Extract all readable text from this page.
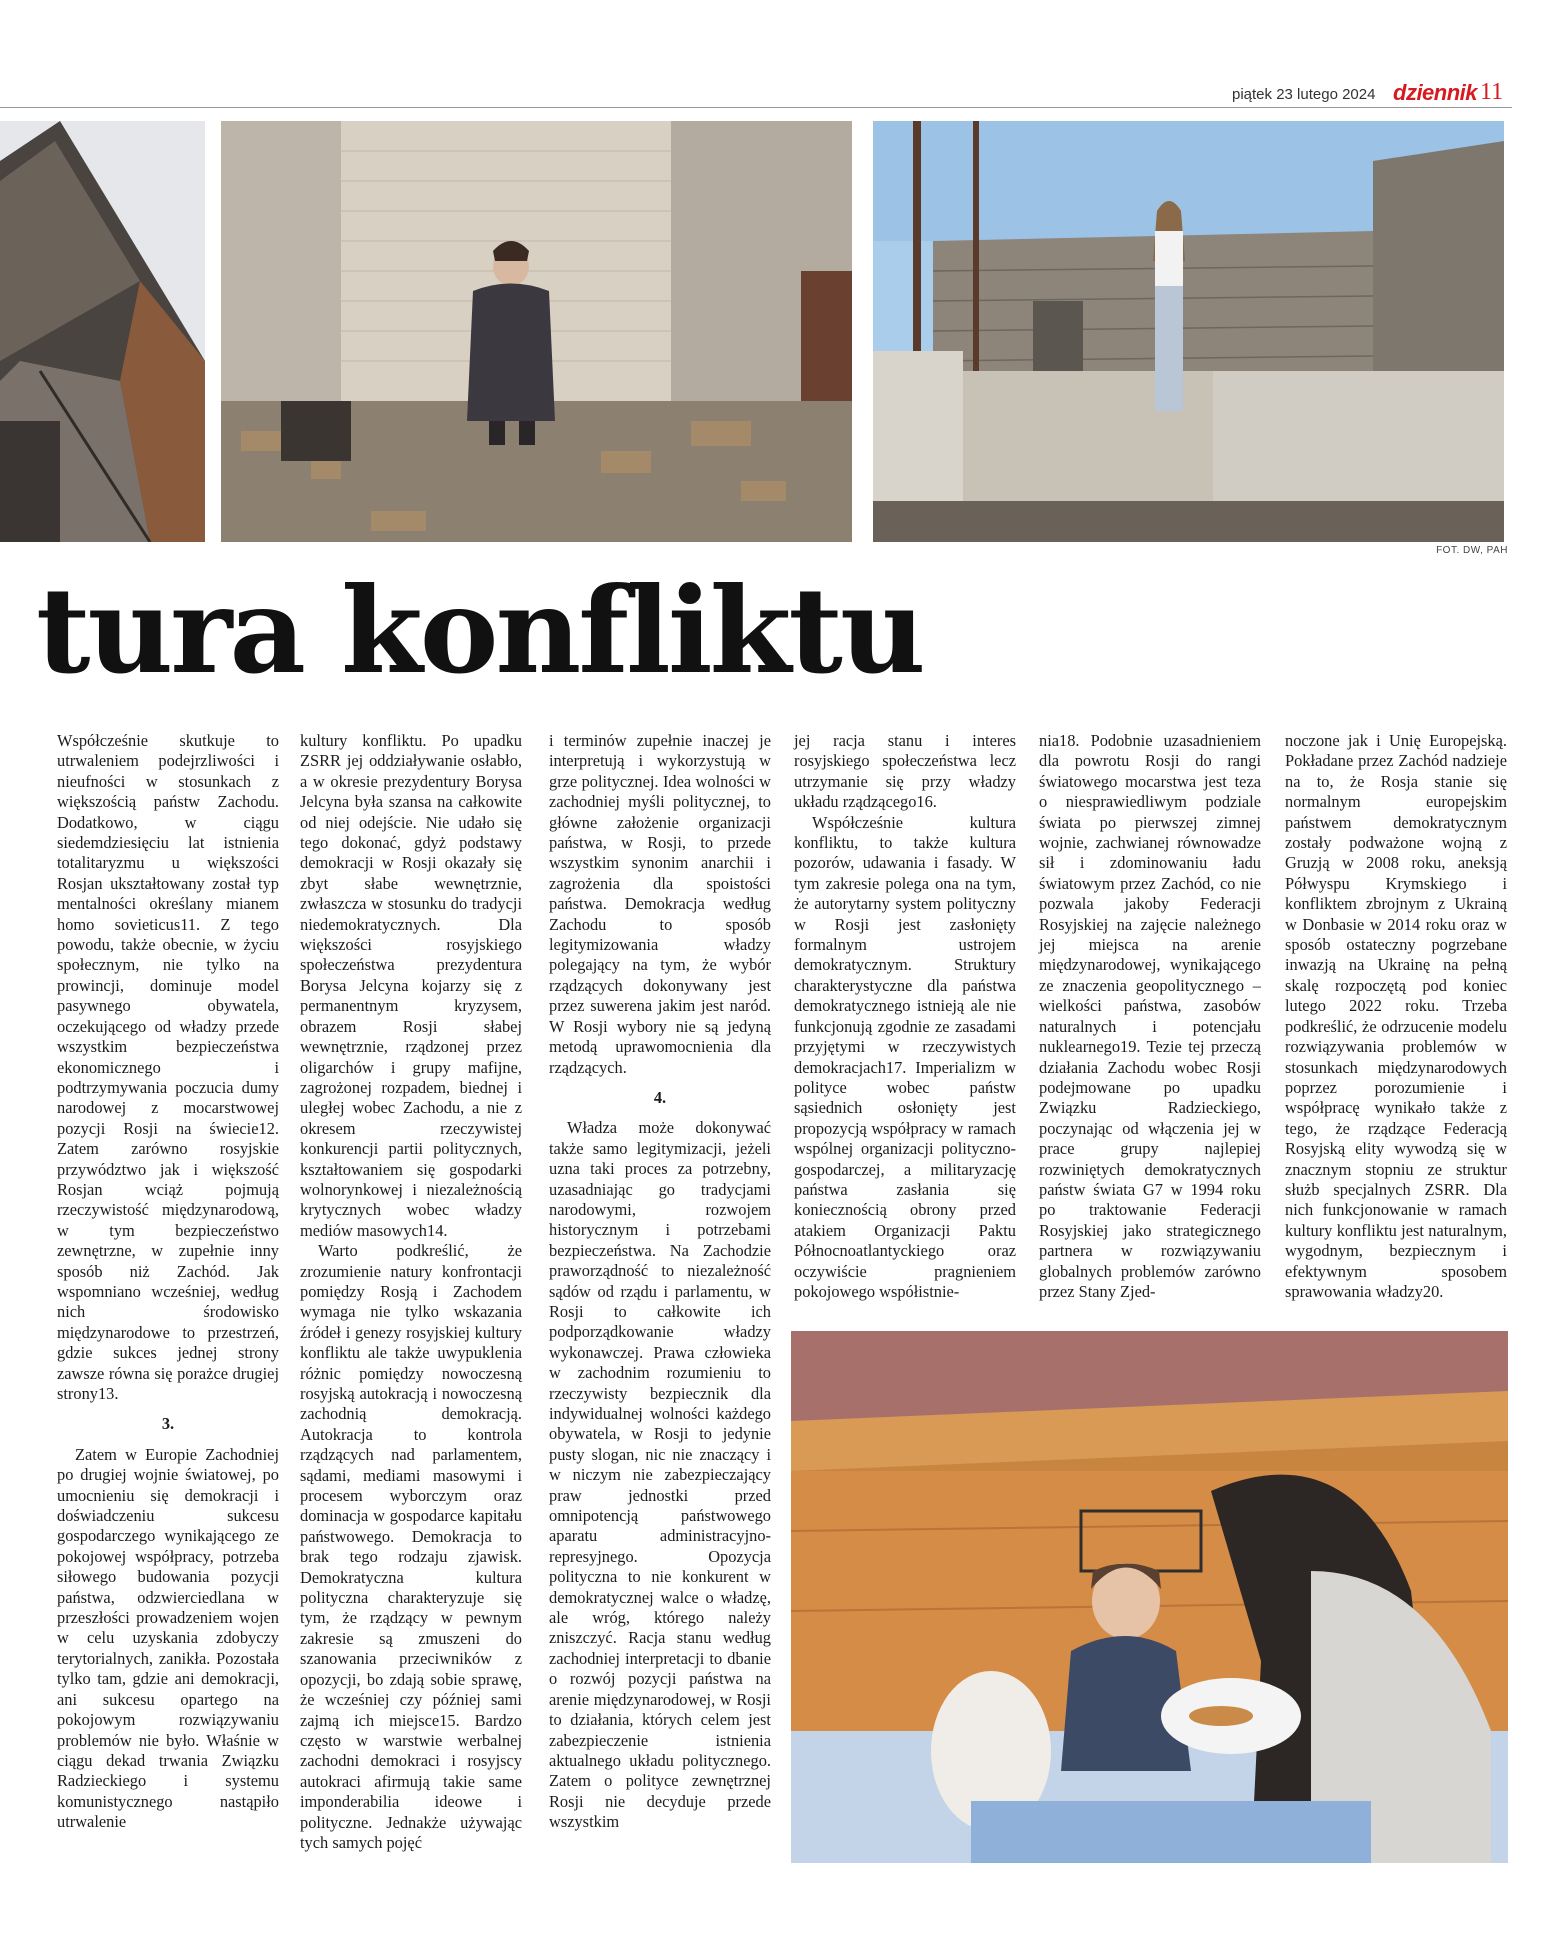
piątek 23 lutego 2024 dziennik 11
FOT. DW, PAH
tura konfliktu

Współcześnie skutkuje to utrwaleniem podejrzliwości i nieufności w stosunkach z większością państw Zachodu. Dodatkowo, w ciągu siedemdziesięciu lat istnienia totalitaryzmu u większości Rosjan ukształtowany został typ mentalności określany mianem homo sovieticus11. Z tego powodu, także obecnie, w życiu społecznym, nie tylko na prowincji, dominuje model pasywnego obywatela, oczekującego od władzy przede wszystkim bezpieczeństwa ekonomicznego i podtrzymywania poczucia dumy narodowej z mocarstwowej pozycji Rosji na świecie12. Zatem zarówno rosyjskie przywództwo jak i większość Rosjan wciąż pojmują rzeczywistość międzynarodową, w tym bezpieczeństwo zewnętrzne, w zupełnie inny sposób niż Zachód. Jak wspomniano wcześniej, według nich środowisko międzynarodowe to przestrzeń, gdzie sukces jednej strony zawsze równa się porażce drugiej strony13.

3.

Zatem w Europie Zachodniej po drugiej wojnie światowej, po umocnieniu się demokracji i doświadczeniu sukcesu gospodarczego wynikającego ze pokojowej współpracy, potrzeba siłowego budowania pozycji państwa, odzwierciedlana w przeszłości prowadzeniem wojen w celu uzyskania zdobyczy terytorialnych, zanikła. Pozostała tylko tam, gdzie ani demokracji, ani sukcesu opartego na pokojowym rozwiązywaniu problemów nie było. Właśnie w ciągu dekad trwania Związku Radzieckiego i systemu komunistycznego nastąpiło utrwalenie

kultury konfliktu. Po upadku ZSRR jej oddziaływanie osłabło, a w okresie prezydentury Borysa Jelcyna była szansa na całkowite od niej odejście. Nie udało się tego dokonać, gdyż podstawy demokracji w Rosji okazały się zbyt słabe wewnętrznie, zwłaszcza w stosunku do tradycji niedemokratycznych. Dla większości rosyjskiego społeczeństwa prezydentura Borysa Jelcyna kojarzy się z permanentnym kryzysem, obrazem Rosji słabej wewnętrznie, rządzonej przez oligarchów i grupy mafijne, zagrożonej rozpadem, biednej i uległej wobec Zachodu, a nie z okresem rzeczywistej konkurencji partii politycznych, kształtowaniem się gospodarki wolnorynkowej i niezależnością krytycznych wobec władzy mediów masowych14.

Warto podkreślić, że zrozumienie natury konfrontacji pomiędzy Rosją i Zachodem wymaga nie tylko wskazania źródeł i genezy rosyjskiej kultury konfliktu ale także uwypuklenia różnic pomiędzy nowoczesną rosyjską autokracją i nowoczesną zachodnią demokracją. Autokracja to kontrola rządzących nad parlamentem, sądami, mediami masowymi i procesem wyborczym oraz dominacja w gospodarce kapitału państwowego. Demokracja to brak tego rodzaju zjawisk. Demokratyczna kultura polityczna charakteryzuje się tym, że rządzący w pewnym zakresie są zmuszeni do szanowania przeciwników z opozycji, bo zdają sobie sprawę, że wcześniej czy później sami zajmą ich miejsce15. Bardzo często w warstwie werbalnej zachodni demokraci i rosyjscy autokraci afirmują takie same imponderabilia ideowe i polityczne. Jednakże używając tych samych pojęć

i terminów zupełnie inaczej je interpretują i wykorzystują w grze politycznej. Idea wolności w zachodniej myśli politycznej, to główne założenie organizacji państwa, w Rosji, to przede wszystkim synonim anarchii i zagrożenia dla spoistości państwa. Demokracja według Zachodu to sposób legitymizowania władzy polegający na tym, że wybór rządzących dokonywany jest przez suwerena jakim jest naród. W Rosji wybory nie są jedyną metodą uprawomocnienia dla rządzących.

4.

Władza może dokonywać także samo legitymizacji, jeżeli uzna taki proces za potrzebny, uzasadniając go tradycjami narodowymi, rozwojem historycznym i potrzebami bezpieczeństwa. Na Zachodzie praworządność to niezależność sądów od rządu i parlamentu, w Rosji to całkowite ich podporządkowanie władzy wykonawczej. Prawa człowieka w zachodnim rozumieniu to rzeczywisty bezpiecznik dla indywidualnej wolności każdego obywatela, w Rosji to jedynie pusty slogan, nic nie znaczący i w niczym nie zabezpieczający praw jednostki przed omnipotencją państwowego aparatu administracyjno-represyjnego. Opozycja polityczna to nie konkurent w demokratycznej walce o władzę, ale wróg, którego należy zniszczyć. Racja stanu według zachodniej interpretacji to dbanie o rozwój pozycji państwa na arenie międzynarodowej, w Rosji to działania, których celem jest zabezpieczenie istnienia aktualnego układu politycznego. Zatem o polityce zewnętrznej Rosji nie decyduje przede wszystkim

jej racja stanu i interes rosyjskiego społeczeństwa lecz utrzymanie się przy władzy układu rządzącego16.

Współcześnie kultura konfliktu, to także kultura pozorów, udawania i fasady. W tym zakresie polega ona na tym, że autorytarny system polityczny w Rosji jest zasłonięty formalnym ustrojem demokratycznym. Struktury charakterystyczne dla państwa demokratycznego istnieją ale nie funkcjonują zgodnie ze zasadami przyjętymi w rzeczywistych demokracjach17. Imperializm w polityce wobec państw sąsiednich osłonięty jest propozycją współpracy w ramach wspólnej organizacji polityczno-gospodarczej, a militaryzację państwa zasłania się koniecznością obrony przed atakiem Organizacji Paktu Północnoatlantyckiego oraz oczywiście pragnieniem pokojowego współistnie-

nia18. Podobnie uzasadnieniem dla powrotu Rosji do rangi światowego mocarstwa jest teza o niesprawiedliwym podziale świata po pierwszej zimnej wojnie, zachwianej równowadze sił i zdominowaniu ładu światowym przez Zachód, co nie pozwala jakoby Federacji Rosyjskiej na zajęcie należnego jej miejsca na arenie międzynarodowej, wynikającego ze znaczenia geopolitycznego – wielkości państwa, zasobów naturalnych i potencjału nuklearnego19. Tezie tej przeczą działania Zachodu wobec Rosji podejmowane po upadku Związku Radzieckiego, poczynając od włączenia jej w prace grupy najlepiej rozwiniętych demokratycznych państw świata G7 w 1994 roku po traktowanie Federacji Rosyjskiej jako strategicznego partnera w rozwiązywaniu globalnych problemów zarówno przez Stany Zjed-

noczone jak i Unię Europejską. Pokładane przez Zachód nadzieje na to, że Rosja stanie się normalnym europejskim państwem demokratycznym zostały podważone wojną z Gruzją w 2008 roku, aneksją Półwyspu Krymskiego i konfliktem zbrojnym z Ukrainą w Donbasie w 2014 roku oraz w sposób ostateczny pogrzebane inwazją na Ukrainę na pełną skalę rozpoczętą pod koniec lutego 2022 roku. Trzeba podkreślić, że odrzucenie modelu rozwiązywania problemów w stosunkach międzynarodowych poprzez porozumienie i współpracę wynikało także z tego, że rządzące Federacją Rosyjską elity wywodzą się w znacznym stopniu ze struktur służb specjalnych ZSRR. Dla nich funkcjonowanie w ramach kultury konfliktu jest naturalnym, wygodnym, bezpiecznym i efektywnym sposobem sprawowania władzy20.
